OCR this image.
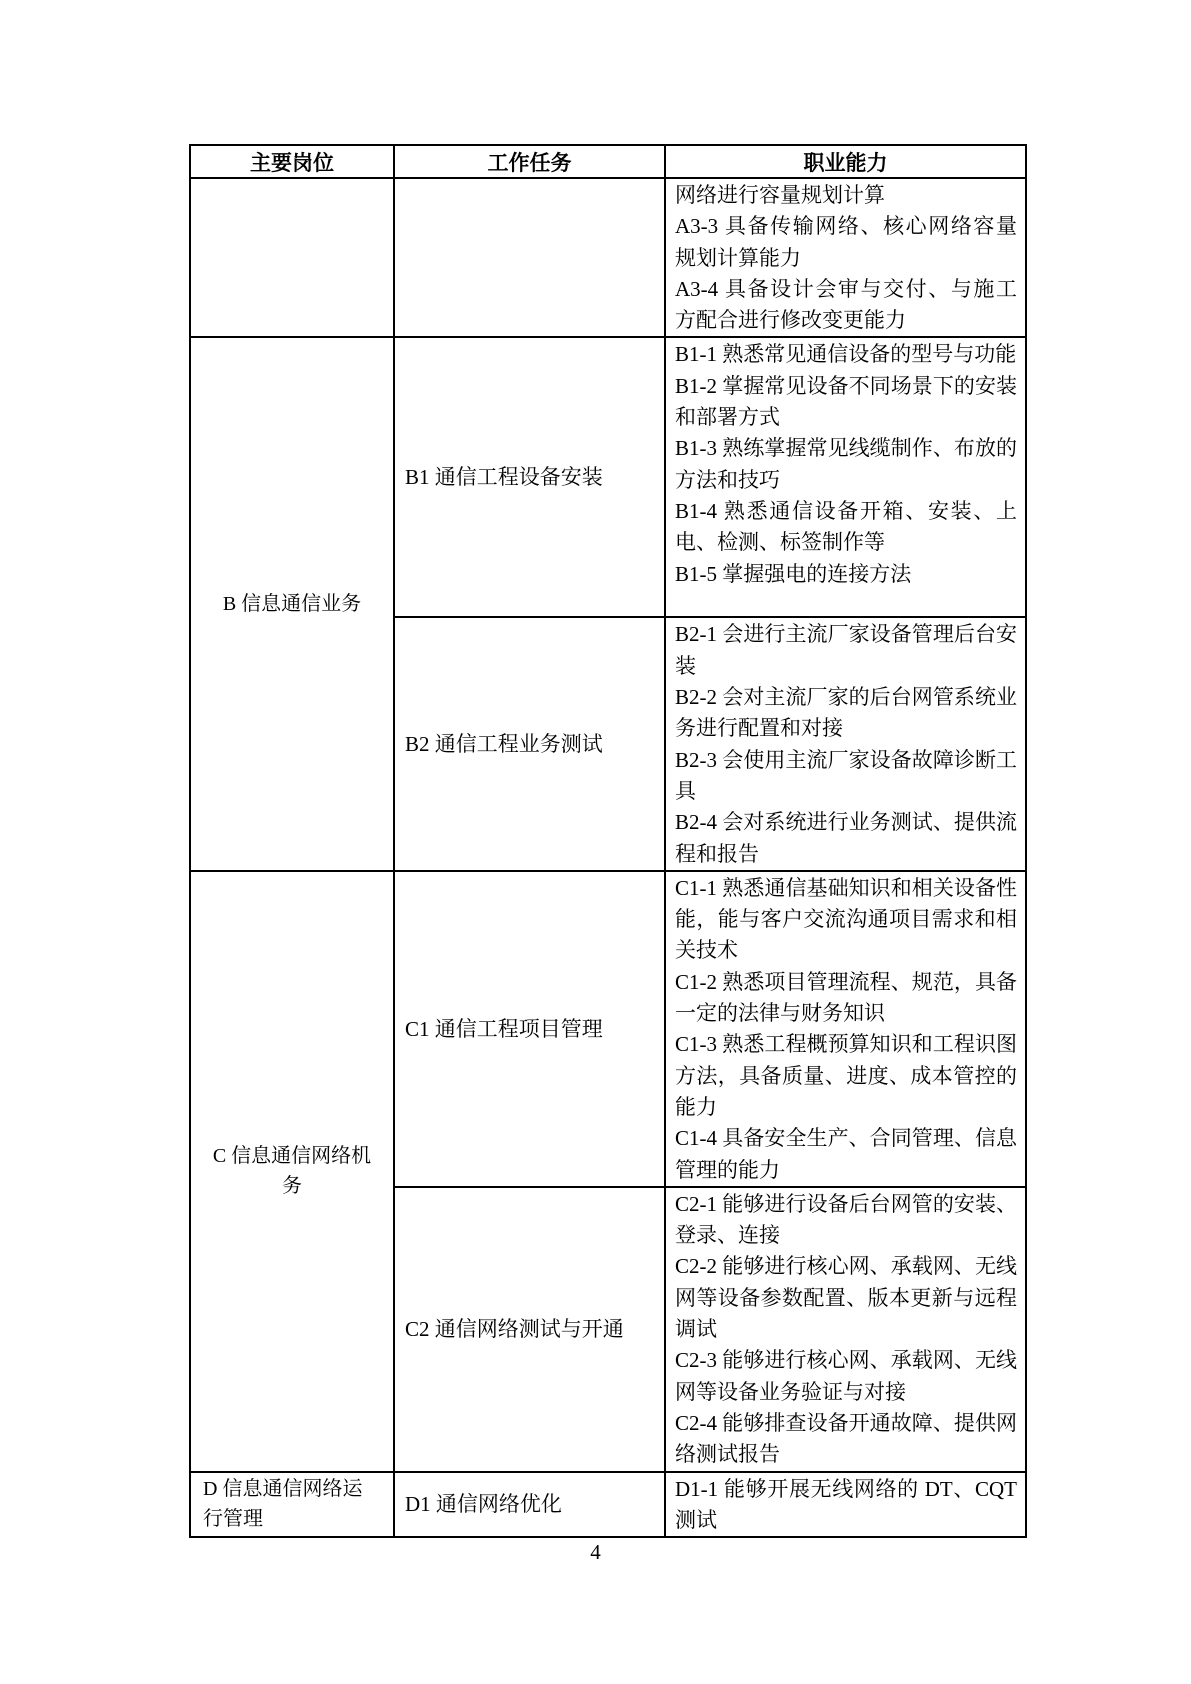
主要岗位	工作任务	职业能力

		网络进行容量规划计算

A3-3 具备传输网络、核心网络容量规划计算能力

A3-4 具备设计会审与交付、与施工方配合进行修改变更能力

B 信息通信业务	B1 通信工程设备安装	B1-1 熟悉常见通信设备的型号与功能

B1-2 掌握常见设备不同场景下的安装和部署方式

B1-3 熟练掌握常见线缆制作、布放的方法和技巧

B1-4 熟悉通信设备开箱、安装、上电、检测、标签制作等

B1-5 掌握强电的连接方法

	B2 通信工程业务测试	B2-1 会进行主流厂家设备管理后台安装

B2-2 会对主流厂家的后台网管系统业务进行配置和对接

B2-3 会使用主流厂家设备故障诊断工具

B2-4 会对系统进行业务测试、提供流程和报告

C 信息通信网络机务	C1 通信工程项目管理	C1-1 熟悉通信基础知识和相关设备性能，能与客户交流沟通项目需求和相关技术

C1-2 熟悉项目管理流程、规范，具备一定的法律与财务知识

C1-3 熟悉工程概预算知识和工程识图方法，具备质量、进度、成本管控的能力

C1-4 具备安全生产、合同管理、信息管理的能力

	C2 通信网络测试与开通	C2-1 能够进行设备后台网管的安装、登录、连接

C2-2 能够进行核心网、承载网、无线网等设备参数配置、版本更新与远程调试

C2-3 能够进行核心网、承载网、无线网等设备业务验证与对接

C2-4 能够排查设备开通故障、提供网络测试报告

D 信息通信网络运行管理	D1 通信网络优化	D1-1 能够开展无线网络的 DT、CQT 测试

4
